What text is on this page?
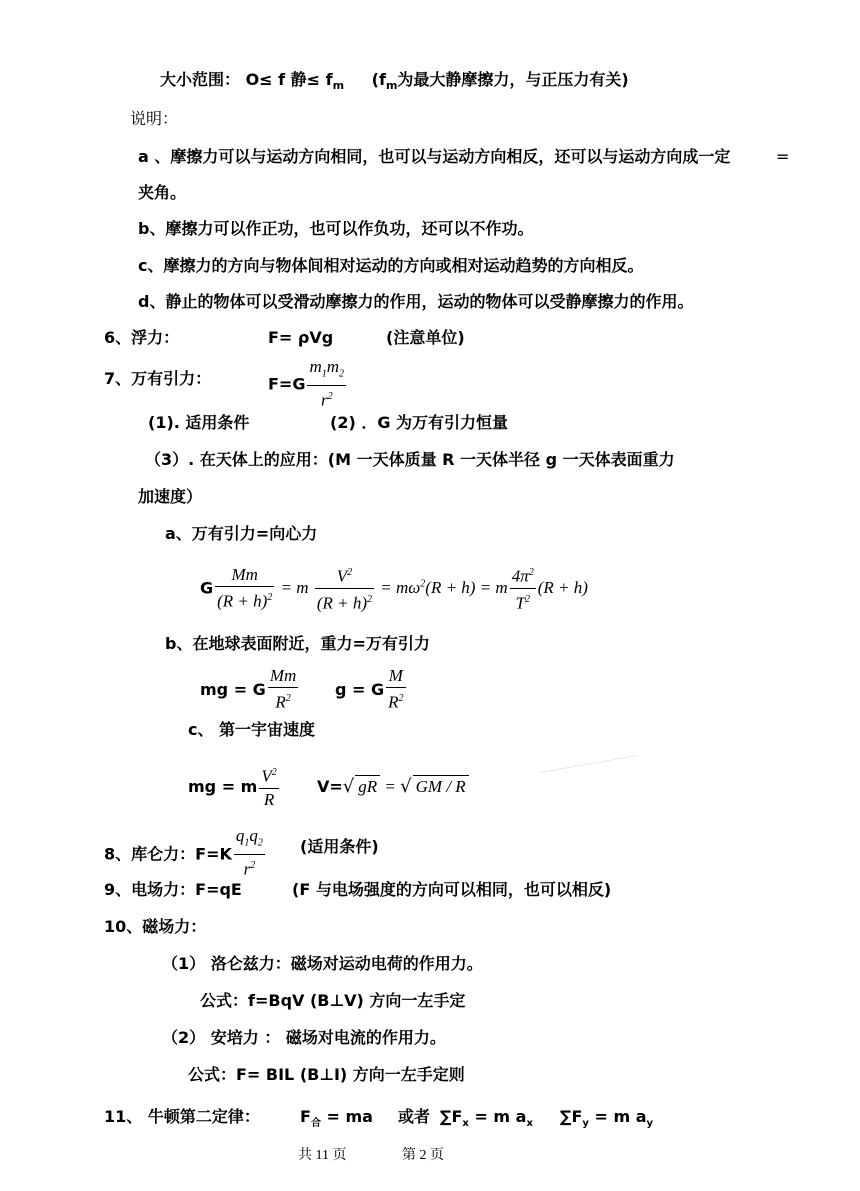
大小范围： O≤ f 静≤ $f_m$ ($f_m$为最大静摩擦力，与正压力有关)
说明：
a 、摩擦力可以与运动方向相同，也可以与运动方向相反，还可以与运动方向成一定	=
夹角。
b、摩擦力可以作正功，也可以作负功，还可以不作功。
c、摩擦力的方向与物体间相对运动的方向或相对运动趋势的方向相反。
d、静止的物体可以受滑动摩擦力的作用，运动的物体可以受静摩擦力的作用。
6、浮力：	F= ρVg	(注意单位)
7、万有引力：	$F=G \frac{m_1m_2}{r^2}$
(1). 适用条件	(2) ．G 为万有引力恒量
（3）. 在天体上的应用：(M 一天体质量 R 一天体半径 g 一天体表面重力
加速度）
a、万有引力=向心力
G $\frac{Mm}{(R + h)^2} = m \frac{V^2}{(R + h)^2} = m\omega^2(R + h) = m \frac{4\pi^2}{T^2} (R + h)$
b、在地球表面附近，重力=万有引力
mg = G $\frac{Mm}{R^2}$ g = G $\frac{M}{R^2}$
c、 第一宇宙速度
mg = m $\frac{V^2}{R} V=√$ gR = √ GM / R
8、库仑力：$F=K \frac{q_1q_2}{r^2}$ (适用条件)
9、电场力：F=qE	(F 与电场强度的方向可以相同，也可以相反)
10、磁场力：
（1） 洛仑兹力：磁场对运动电荷的作用力。
公式：f=BqV (B⊥V) 方向一左手定
（2） 安培力 ： 磁场对电流的作用力。
公式：F= BIL (B⊥I) 方向一左手定则
11、 牛顿第二定律：	$F_合$ = ma 或者 $\sum F_x = m$ $a_x$ $\sum F_y = m$ $a_y$
共 11 页	第 2 页
